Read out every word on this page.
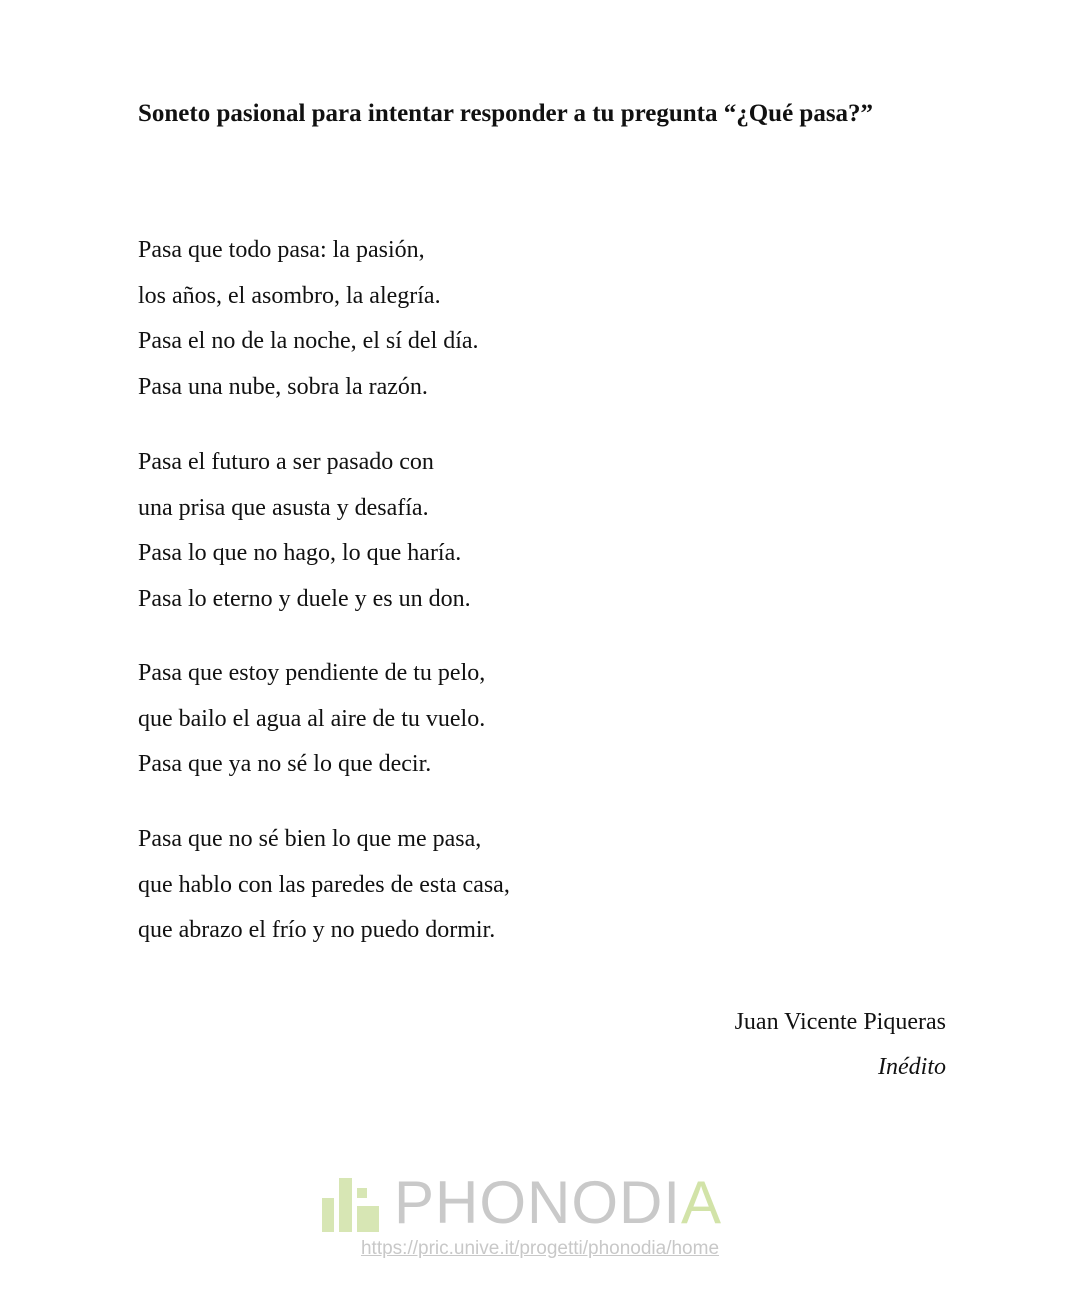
Soneto pasional para intentar responder a tu pregunta “¿Qué pasa?”
Pasa que todo pasa: la pasión,
los años, el asombro, la alegría.
Pasa el no de la noche, el sí del día.
Pasa una nube, sobra la razón.
Pasa el futuro a ser pasado con
una prisa que asusta y desafía.
Pasa lo que no hago, lo que haría.
Pasa lo eterno y duele y es un don.
Pasa que estoy pendiente de tu pelo,
que bailo el agua al aire de tu vuelo.
Pasa que ya no sé lo que decir.
Pasa que no sé bien lo que me pasa,
que hablo con las paredes de esta casa,
que abrazo el frío y no puedo dormir.
Juan Vicente Piqueras
Inédito
PHONODIA
https://pric.unive.it/progetti/phonodia/home
